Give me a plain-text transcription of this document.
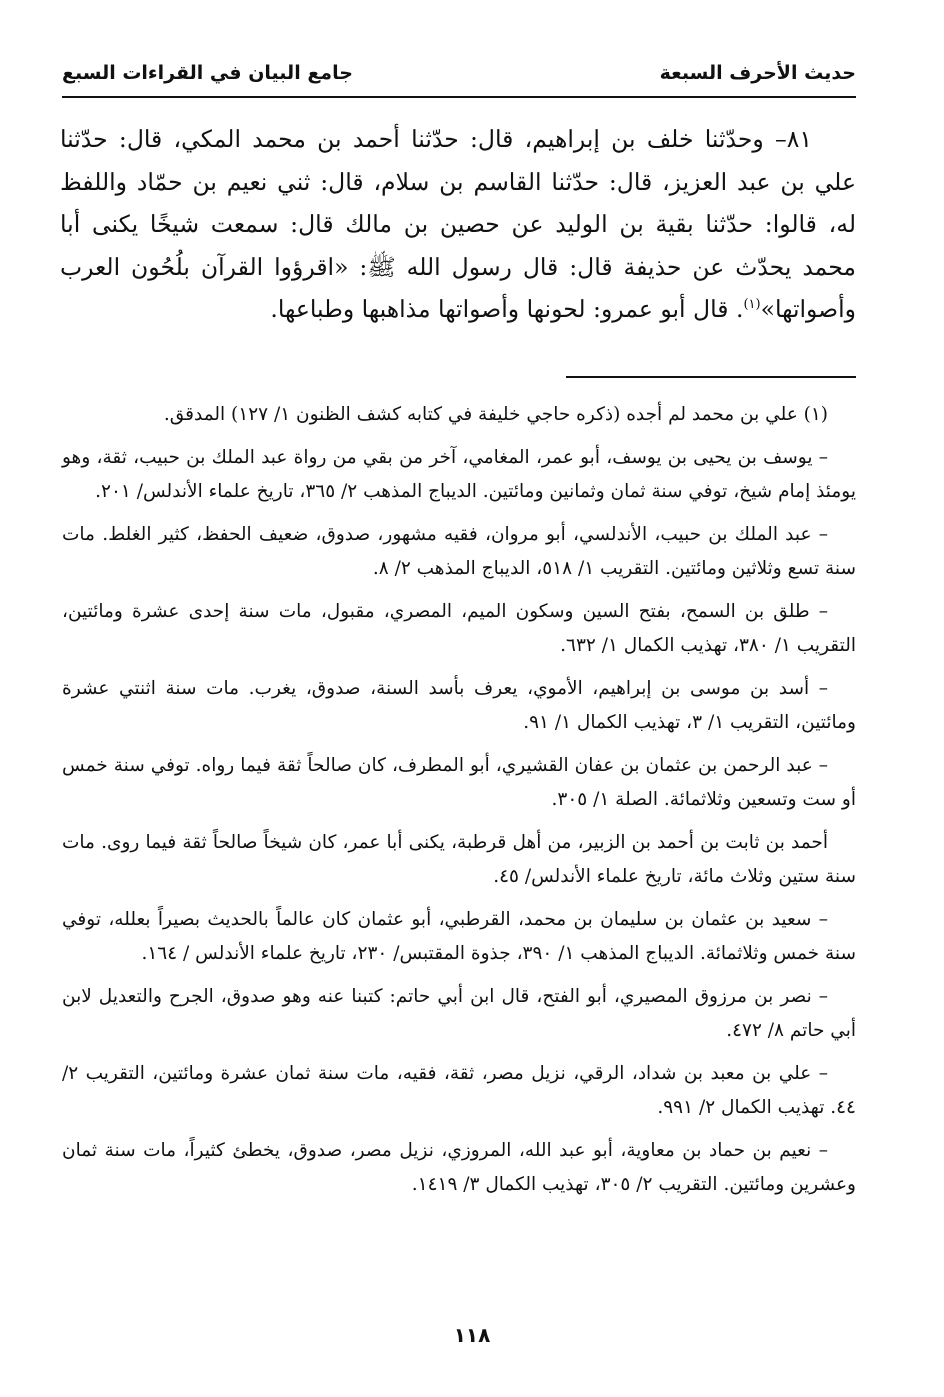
حديث الأحرف السبعة
جامع البيان في القراءات السبع

٨١– وحدّثنا خلف بن إبراهيم، قال: حدّثنا أحمد بن محمد المكي، قال: حدّثنا علي بن عبد العزيز، قال: حدّثنا القاسم بن سلام، قال: ثني نعيم بن حمّاد واللفظ له، قالوا: حدّثنا بقية بن الوليد عن حصين بن مالك قال: سمعت شيخًا يكنى أبا محمد يحدّث عن حذيفة قال: قال رسول الله ﷺ: «اقرؤوا القرآن بلُحُون العرب وأصواتها»$^{(١)}$. قال أبو عمرو: لحونها وأصواتها مذاهبها وطباعها.

(١) علي بن محمد لم أجده (ذكره حاجي خليفة في كتابه كشف الظنون ١/ ١٢٧) المدقق.

– يوسف بن يحيى بن يوسف، أبو عمر، المغامي، آخر من بقي من رواة عبد الملك بن حبيب، ثقة، وهو يومئذ إمام شيخ، توفي سنة ثمان وثمانين ومائتين. الديباج المذهب ٢/ ٣٦٥، تاريخ علماء الأندلس/ ٢٠١.

– عبد الملك بن حبيب، الأندلسي، أبو مروان، فقيه مشهور، صدوق، ضعيف الحفظ، كثير الغلط. مات سنة تسع وثلاثين ومائتين. التقريب ١/ ٥١٨، الديباج المذهب ٢/ ٨.

– طلق بن السمح، بفتح السين وسكون الميم، المصري، مقبول، مات سنة إحدى عشرة ومائتين، التقريب ١/ ٣٨٠، تهذيب الكمال ١/ ٦٣٢.

– أسد بن موسى بن إبراهيم، الأموي، يعرف بأسد السنة، صدوق، يغرب. مات سنة اثنتي عشرة ومائتين، التقريب ١/ ٣، تهذيب الكمال ١/ ٩١.

– عبد الرحمن بن عثمان بن عفان القشيري، أبو المطرف، كان صالحاً ثقة فيما رواه. توفي سنة خمس أو ست وتسعين وثلاثمائة. الصلة ١/ ٣٠٥.

أحمد بن ثابت بن أحمد بن الزبير، من أهل قرطبة، يكنى أبا عمر، كان شيخاً صالحاً ثقة فيما روى. مات سنة ستين وثلاث مائة، تاريخ علماء الأندلس/ ٤٥.

– سعيد بن عثمان بن سليمان بن محمد، القرطبي، أبو عثمان كان عالماً بالحديث بصيراً بعلله، توفي سنة خمس وثلاثمائة. الديباج المذهب ١/ ٣٩٠، جذوة المقتبس/ ٢٣٠، تاريخ علماء الأندلس / ١٦٤.

– نصر بن مرزوق المصيري، أبو الفتح، قال ابن أبي حاتم: كتبنا عنه وهو صدوق، الجرح والتعديل لابن أبي حاتم ٨/ ٤٧٢.

– علي بن معبد بن شداد، الرقي، نزيل مصر، ثقة، فقيه، مات سنة ثمان عشرة ومائتين، التقريب ٢/ ٤٤. تهذيب الكمال ٢/ ٩٩١.

– نعيم بن حماد بن معاوية، أبو عبد الله، المروزي، نزيل مصر، صدوق، يخطئ كثيراً، مات سنة ثمان وعشرين ومائتين. التقريب ٢/ ٣٠٥، تهذيب الكمال ٣/ ١٤١٩.

١١٨
